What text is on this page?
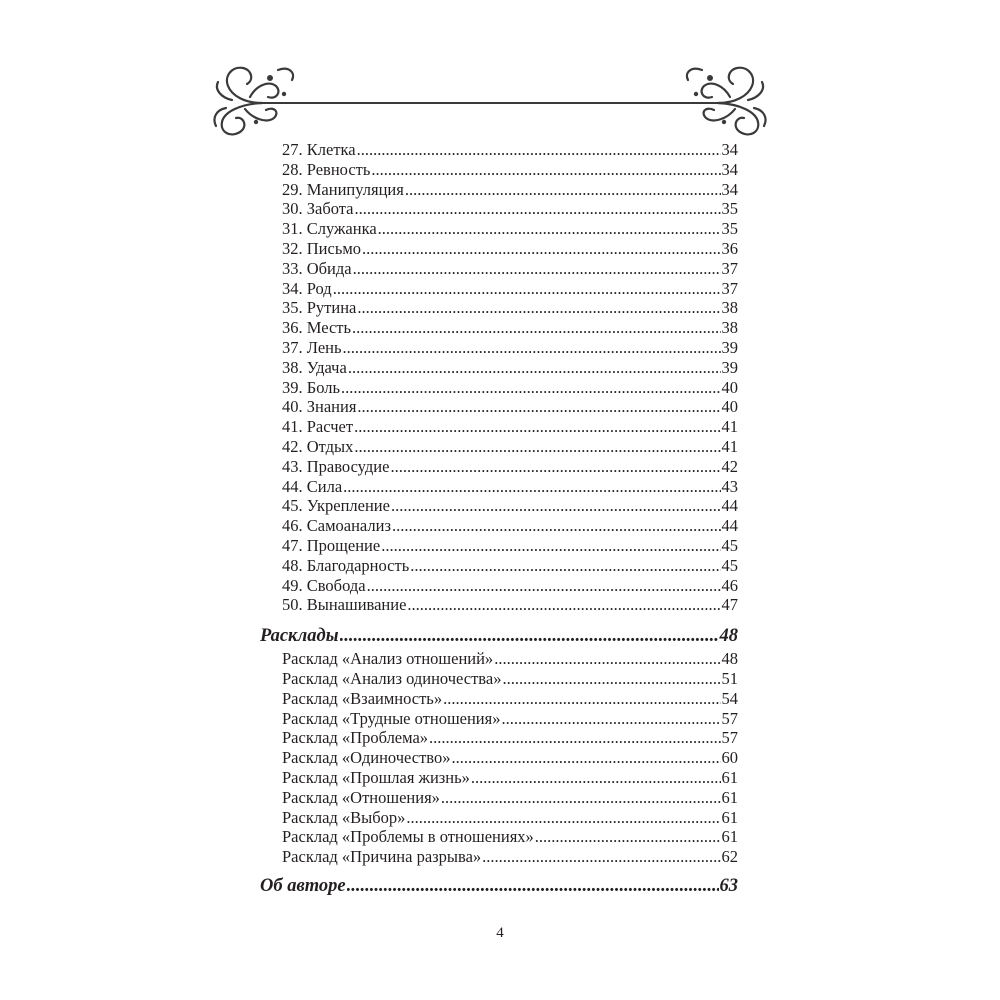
27. Клетка .....	34
28. Ревность .....	34
29. Манипуляция .....	34
30. Забота .....	35
31. Служанка .....	35
32. Письмо .....	36
33. Обида .....	37
34. Род .....	37
35. Рутина .....	38
36. Месть .....	38
37. Лень .....	39
38. Удача .....	39
39. Боль .....	40
40. Знания .....	40
41. Расчет .....	41
42. Отдых .....	41
43. Правосудие .....	42
44. Сила .....	43
45. Укрепление .....	44
46. Самоанализ .....	44
47. Прощение .....	45
48. Благодарность .....	45
49. Свобода .....	46
50. Вынашивание .....	47
Расклады .....	48
Расклад «Анализ отношений» .....	48
Расклад «Анализ одиночества» .....	51
Расклад «Взаимность» .....	54
Расклад «Трудные отношения» .....	57
Расклад «Проблема» .....	57
Расклад «Одиночество» .....	60
Расклад «Прошлая жизнь» .....	61
Расклад «Отношения» .....	61
Расклад «Выбор» .....	61
Расклад «Проблемы в отношениях» .....	61
Расклад «Причина разрыва» .....	62
Об авторе .....	63
4
